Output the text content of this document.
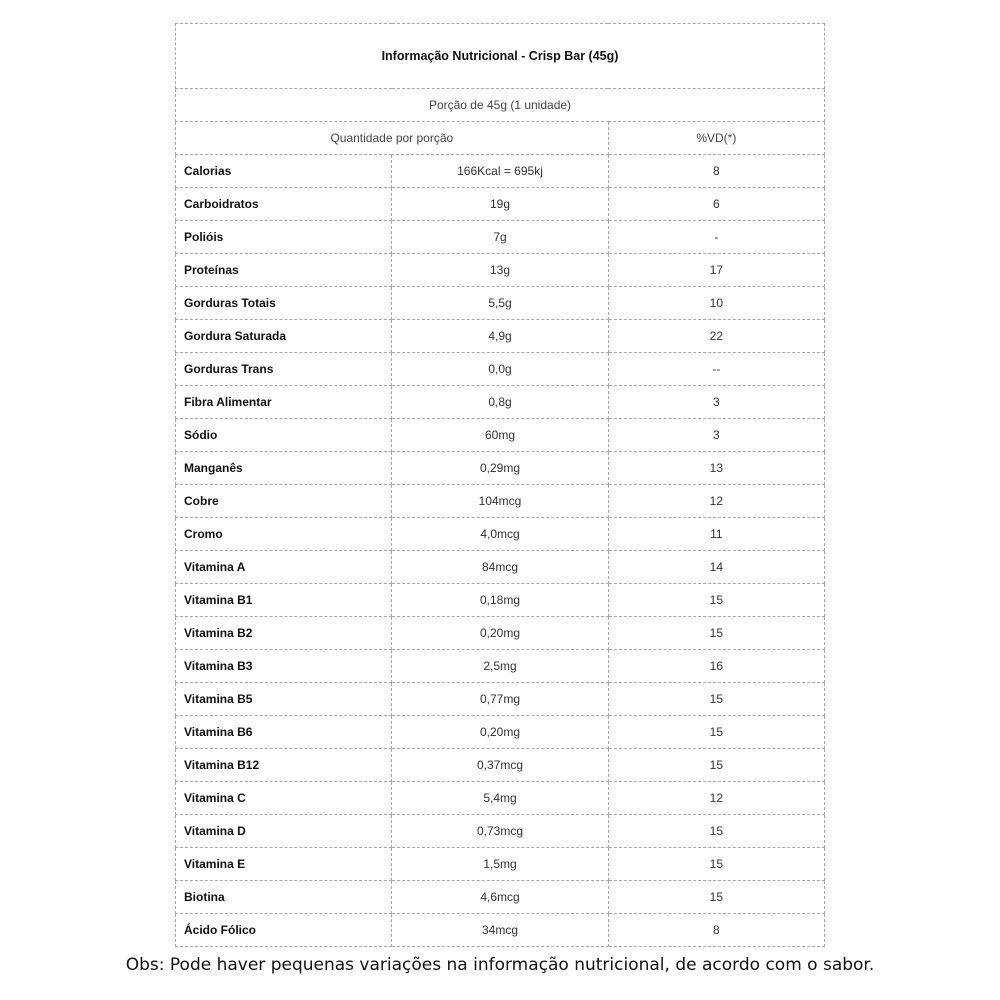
Informação Nutricional - Crisp Bar (45g)		
Porção de 45g (1 unidade)		
Quantidade por porção		%VD(*)
Calorias	166Kcal = 695kj	8
Carboidratos	19g	6
Polióis	7g	-
Proteínas	13g	17
Gorduras Totais	5,5g	10
Gordura Saturada	4,9g	22
Gorduras Trans	0,0g	--
Fibra Alimentar	0,8g	3
Sódio	60mg	3
Manganês	0,29mg	13
Cobre	104mcg	12
Cromo	4,0mcg	11
Vitamina A	84mcg	14
Vitamina B1	0,18mg	15
Vitamina B2	0,20mg	15
Vitamina B3	2,5mg	16
Vitamina B5	0,77mg	15
Vitamina B6	0,20mg	15
Vitamina B12	0,37mcg	15
Vitamina C	5,4mg	12
Vitamina D	0,73mcg	15
Vitamina E	1,5mg	15
Biotina	4,6mcg	15
Ácido Fólico	34mcg	8
Obs: Pode haver pequenas variações na informação nutricional, de acordo com o sabor.
